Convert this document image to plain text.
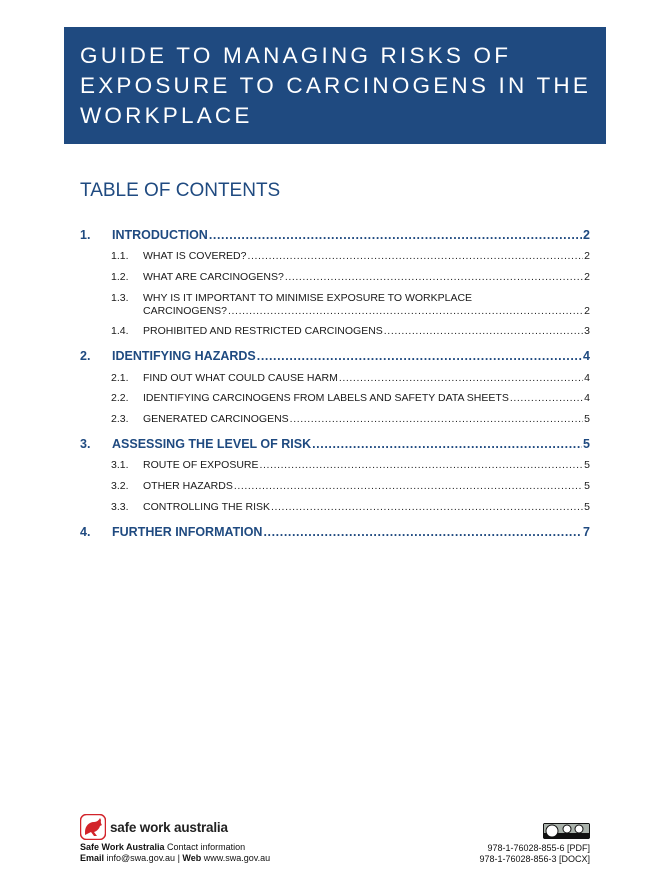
GUIDE TO MANAGING RISKS OF
EXPOSURE TO CARCINOGENS IN THE
WORKPLACE
TABLE OF CONTENTS
1.	INTRODUCTION .....	2
1.1.	WHAT IS COVERED? .....	2
1.2.	WHAT ARE CARCINOGENS? .....	2
1.3. WHY IS IT IMPORTANT TO MINIMISE EXPOSURE TO WORKPLACE
CARCINOGENS? .....	2
1.4.	PROHIBITED AND RESTRICTED CARCINOGENS .....	3
2.	IDENTIFYING HAZARDS .....	4
2.1.	FIND OUT WHAT COULD CAUSE HARM .....	4
2.2.	IDENTIFYING CARCINOGENS FROM LABELS AND SAFETY DATA SHEETS .....	4
2.3.	GENERATED CARCINOGENS .....	5
3.	ASSESSING THE LEVEL OF RISK .....	5
3.1.	ROUTE OF EXPOSURE .....	5
3.2.	OTHER HAZARDS .....	5
3.3.	CONTROLLING THE RISK .....	5
4.	FURTHER INFORMATION .....	7
safe work australia
Safe Work Australia Contact information
Email info@swa.gov.au | Web www.swa.gov.au
978-1-76028-855-6 [PDF]
978-1-76028-856-3 [DOCX]
